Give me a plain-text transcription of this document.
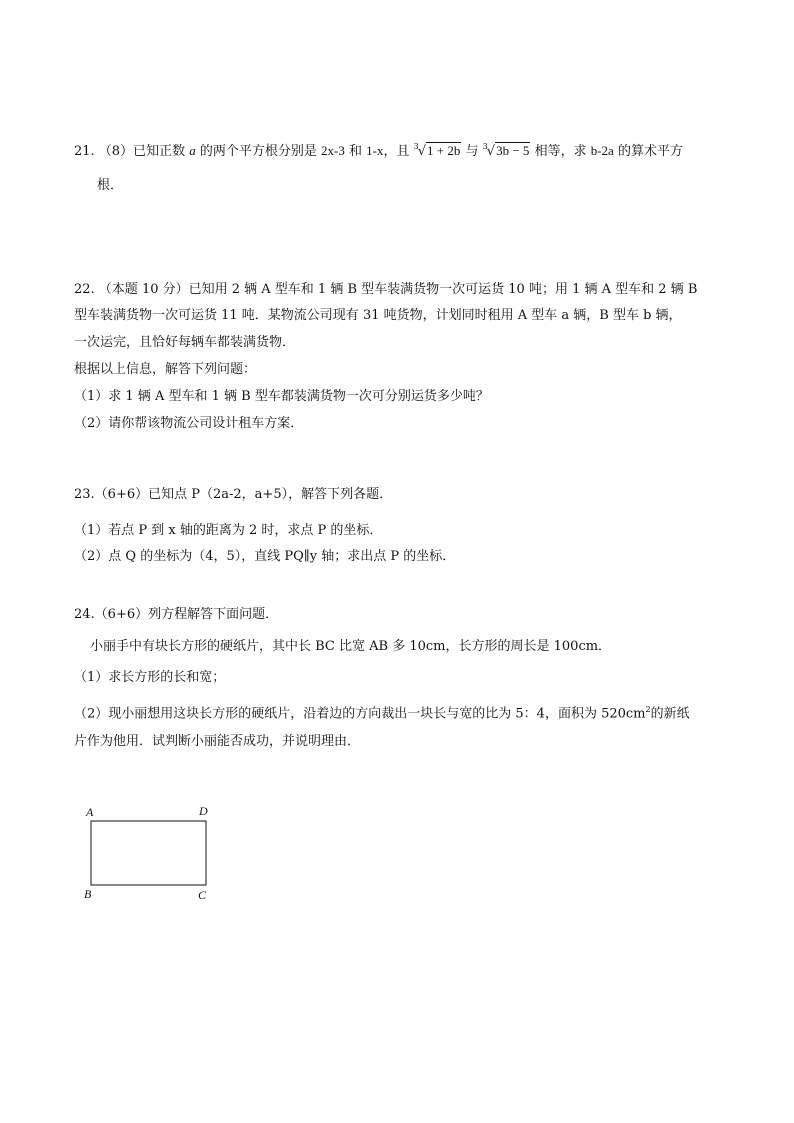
21. （8）已知正数 a 的两个平方根分别是 2x-3 和 1-x，且 $^3$√1 + 2b 与 $^3$√3b − 5 相等，求 b-2a 的算术平方
根．
22. （本题 10 分）已知用 2 辆 A 型车和 1 辆 B 型车装满货物一次可运货 10 吨；用 1 辆 A 型车和 2 辆 B
型车装满货物一次可运货 11 吨．某物流公司现有 31 吨货物，计划同时租用 A 型车 a 辆，B 型车 b 辆，
一次运完，且恰好每辆车都装满货物．
根据以上信息，解答下列问题：
（1）求 1 辆 A 型车和 1 辆 B 型车都装满货物一次可分别运货多少吨？
（2）请你帮该物流公司设计租车方案．
23.（6+6）已知点 P（2a-2，a+5），解答下列各题．
（1）若点 P 到 x 轴的距离为 2 时，求点 P 的坐标．
（2）点 Q 的坐标为（4，5），直线 PQ∥y 轴；求出点 P 的坐标．
24.（6+6）列方程解答下面问题．
小丽手中有块长方形的硬纸片，其中长 BC 比宽 AB 多 10cm，长方形的周长是 100cm．
（1）求长方形的长和宽；
（2）现小丽想用这块长方形的硬纸片，沿着边的方向裁出一块长与宽的比为 5：4，面积为 $520cm^2$的新纸
片作为他用．试判断小丽能否成功，并说明理由．
A	D
B	C
